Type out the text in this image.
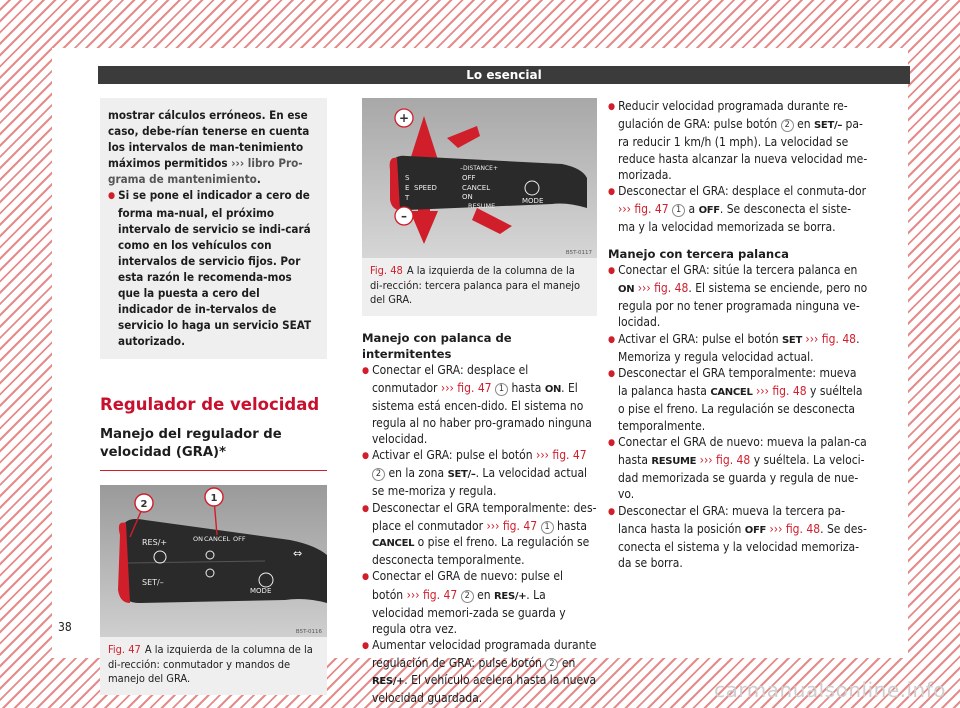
Lo esencial

mostrar cálculos erróneos. En ese caso, debe-rían tenerse en cuenta los intervalos de man-tenimiento máximos permitidos ››› libro Pro-grama de mantenimiento.

● Si se pone el indicador a cero de forma ma-nual, el próximo intervalo de servicio se indi-cará como en los vehículos con intervalos de servicio fijos. Por esta razón le recomenda-mos que la puesta a cero del indicador de in-tervalos de servicio lo haga un servicio SEAT autorizado.

Regulador de velocidad
Manejo del regulador de velocidad (GRA)*
RES/+	ON CANCEL OFF
SET/–
MODE
⇔
1
2
B5T-0116
Fig. 47 A la izquierda de la columna de la di-rección: conmutador y mandos de manejo del GRA.
S
E
T
SPEED
–DISTANCE+
OFF
CANCEL
ON
RESUME
MODE
+
–
B5T-0117
Fig. 48 A la izquierda de la columna de la di-rección: tercera palanca para el manejo del GRA.

Manejo con palanca de intermitentes

● Conectar el GRA: desplace el conmutador ››› fig. 47 1 hasta ON. El sistema está encen-dido. El sistema no regula al no haber pro-gramado ninguna velocidad.

● Activar el GRA: pulse el botón ››› fig. 47 2 en la zona SET/–. La velocidad actual se me-moriza y regula.

● Desconectar el GRA temporalmente: des-place el conmutador ››› fig. 47 1 hasta CANCEL o pise el freno. La regulación se desconecta temporalmente.

● Conectar el GRA de nuevo: pulse el botón ››› fig. 47 2 en RES/+. La velocidad memori-zada se guarda y regula otra vez.

● Aumentar velocidad programada durante regulación de GRA: pulse botón 2 en RES/+. El vehículo acelera hasta la nueva velocidad guardada.

● Reducir velocidad programada durante re-gulación de GRA: pulse botón 2 en SET/– pa-ra reducir 1 km/h (1 mph). La velocidad se reduce hasta alcanzar la nueva velocidad me-morizada.

● Desconectar el GRA: desplace el conmuta-dor ››› fig. 47 1 a OFF. Se desconecta el siste-ma y la velocidad memorizada se borra.

Manejo con tercera palanca

● Conectar el GRA: sitúe la tercera palanca en ON ››› fig. 48. El sistema se enciende, pero no regula por no tener programada ninguna ve-locidad.

● Activar el GRA: pulse el botón SET ››› fig. 48. Memoriza y regula velocidad actual.

● Desconectar el GRA temporalmente: mueva la palanca hasta CANCEL ››› fig. 48 y suéltela o pise el freno. La regulación se desconecta temporalmente.

● Conectar el GRA de nuevo: mueva la palan-ca hasta RESUME ››› fig. 48 y suéltela. La veloci-dad memorizada se guarda y regula de nue-vo.

● Desconectar el GRA: mueva la tercera pa-lanca hasta la posición OFF ››› fig. 48. Se des-conecta el sistema y la velocidad memoriza-da se borra.

38
carmanualsonline.info
